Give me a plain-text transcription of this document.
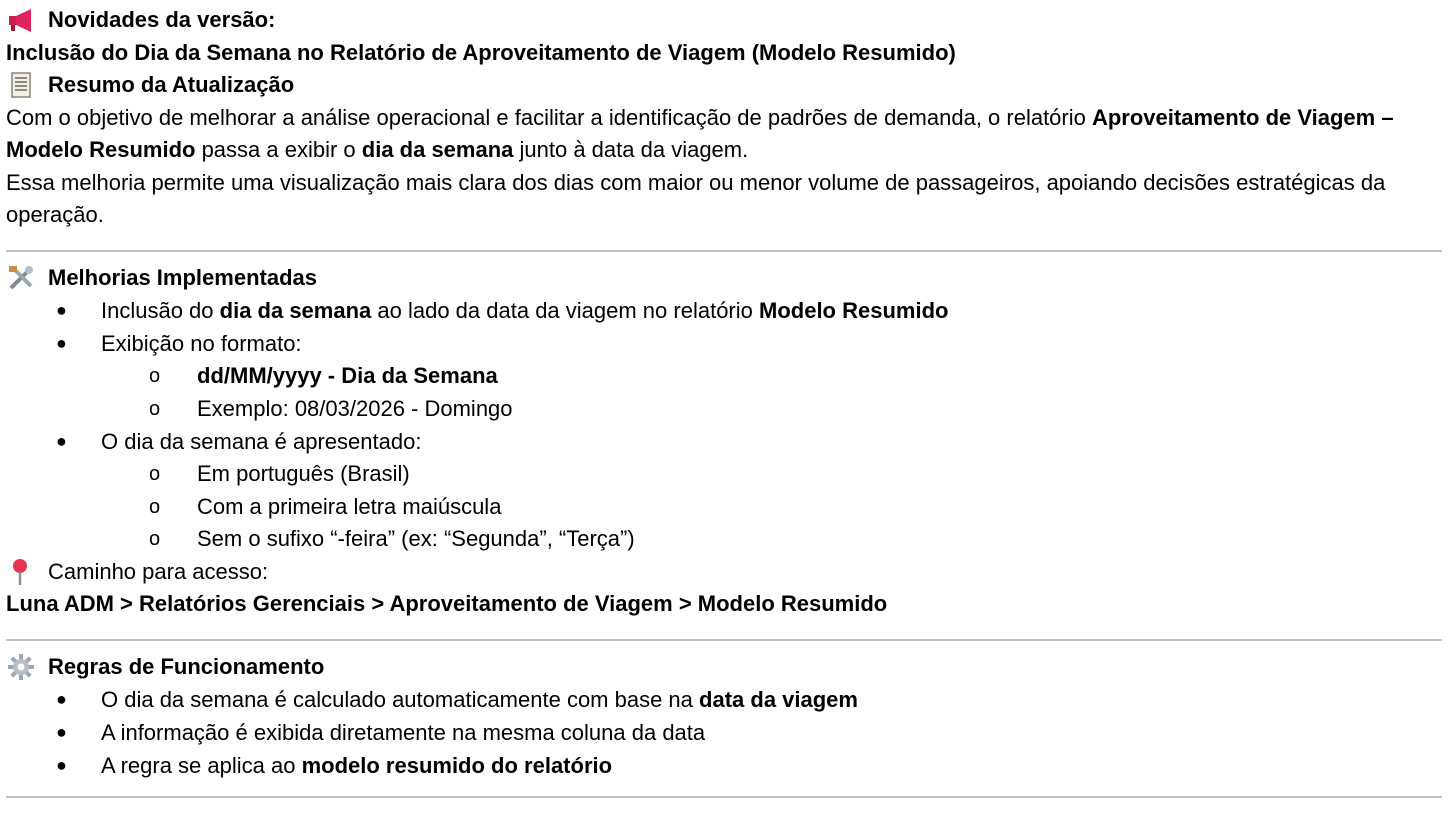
Novidades da versão:
Inclusão do Dia da Semana no Relatório de Aproveitamento de Viagem (Modelo Resumido)
Resumo da Atualização
Com o objetivo de melhorar a análise operacional e facilitar a identificação de padrões de demanda, o relatório Aproveitamento de Viagem – Modelo Resumido passa a exibir o dia da semana junto à data da viagem.
Essa melhoria permite uma visualização mais clara dos dias com maior ou menor volume de passageiros, apoiando decisões estratégicas da operação.
Melhorias Implementadas
● Inclusão do dia da semana ao lado da data da viagem no relatório Modelo Resumido
● Exibição no formato:
o dd/MM/yyyy - Dia da Semana
o Exemplo: 08/03/2026 - Domingo
● O dia da semana é apresentado:
o Em português (Brasil)
o Com a primeira letra maiúscula
o Sem o sufixo “-feira” (ex: “Segunda”, “Terça”)
Caminho para acesso:
Luna ADM > Relatórios Gerenciais > Aproveitamento de Viagem > Modelo Resumido
Regras de Funcionamento
● O dia da semana é calculado automaticamente com base na data da viagem
● A informação é exibida diretamente na mesma coluna da data
● A regra se aplica ao modelo resumido do relatório
